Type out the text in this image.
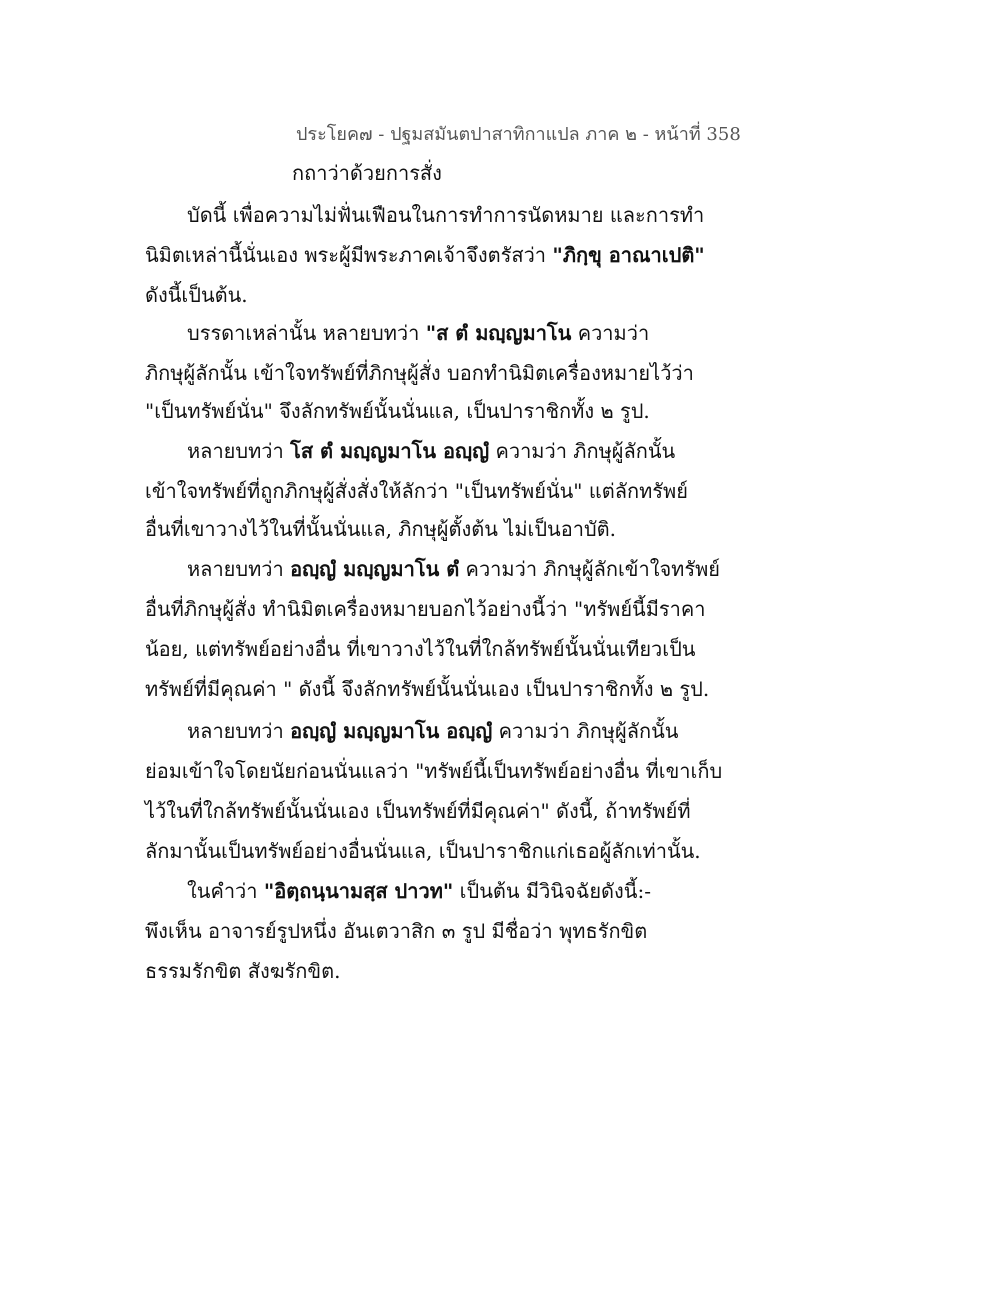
ประโยค๗ - ปฐมสมันตปาสาทิกาแปล ภาค ๒ - หน้าที่ 358
กถาว่าด้วยการสั่ง
บัดนี้ เพื่อความไม่ฟั่นเฟือนในการทำการนัดหมาย และการทำ
นิมิตเหล่านี้นั่นเอง พระผู้มีพระภาคเจ้าจึงตรัสว่า "ภิกฺขุ อาณาเปติ"
ดังนี้เป็นต้น.
บรรดาเหล่านั้น หลายบทว่า "ส ตํ มญฺญมาโน ความว่า
ภิกษุผู้ลักนั้น เข้าใจทรัพย์ที่ภิกษุผู้สั่ง บอกทำนิมิตเครื่องหมายไว้ว่า
"เป็นทรัพย์นั่น" จึงลักทรัพย์นั้นนั่นแล, เป็นปาราชิกทั้ง ๒ รูป.
หลายบทว่า โส ตํ มญฺญมาโน อญฺญํ ความว่า ภิกษุผู้ลักนั้น
เข้าใจทรัพย์ที่ถูกภิกษุผู้สั่งสั่งให้ลักว่า "เป็นทรัพย์นั่น" แต่ลักทรัพย์
อื่นที่เขาวางไว้ในที่นั้นนั่นแล, ภิกษุผู้ตั้งต้น ไม่เป็นอาบัติ.
หลายบทว่า อญฺญํ มญฺญมาโน ตํ ความว่า ภิกษุผู้ลักเข้าใจทรัพย์
อื่นที่ภิกษุผู้สั่ง ทำนิมิตเครื่องหมายบอกไว้อย่างนี้ว่า "ทรัพย์นี้มีราคา
น้อย, แต่ทรัพย์อย่างอื่น ที่เขาวางไว้ในที่ใกล้ทรัพย์นั้นนั่นเทียวเป็น
ทรัพย์ที่มีคุณค่า " ดังนี้ จึงลักทรัพย์นั้นนั่นเอง เป็นปาราชิกทั้ง ๒ รูป.
หลายบทว่า อญฺญํ มญฺญมาโน อญฺญํ ความว่า ภิกษุผู้ลักนั้น
ย่อมเข้าใจโดยนัยก่อนนั่นแลว่า "ทรัพย์นี้เป็นทรัพย์อย่างอื่น ที่เขาเก็บ
ไว้ในที่ใกล้ทรัพย์นั้นนั่นเอง เป็นทรัพย์ที่มีคุณค่า" ดังนี้, ถ้าทรัพย์ที่
ลักมานั้นเป็นทรัพย์อย่างอื่นนั่นแล, เป็นปาราชิกแก่เธอผู้ลักเท่านั้น.
ในคำว่า "อิตฺถนฺนามสฺส ปาวท" เป็นต้น มีวินิจฉัยดังนี้:-
พึงเห็น อาจารย์รูปหนึ่ง อันเตวาสิก ๓ รูป มีชื่อว่า พุทธรักขิต
ธรรมรักขิต สังฆรักขิต.
